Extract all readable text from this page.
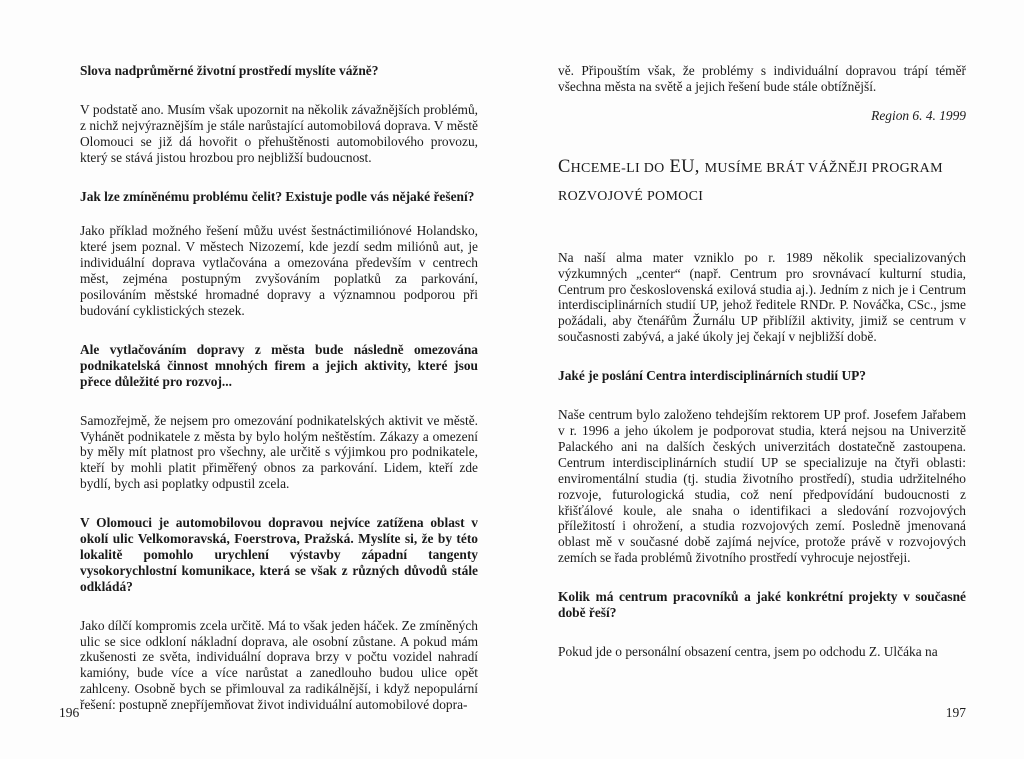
Slova nadprůměrné životní prostředí myslíte vážně?

V podstatě ano. Musím však upozornit na několik závažnějších problémů, z nichž nejvýraznějším je stále narůstající automobilová doprava. V městě Olomouci se již dá hovořit o přehuštěnosti automobilového provozu, který se stává jistou hrozbou pro nejbližší budoucnost.

Jak lze zmíněnému problému čelit? Existuje podle vás nějaké řešení?

Jako příklad možného řešení můžu uvést šestnáctimiliónové Holandsko, které jsem poznal. V městech Nizozemí, kde jezdí sedm miliónů aut, je individuální doprava vytlačována a omezována především v centrech měst, zejména postupným zvyšováním poplatků za parkování, posilováním městské hromadné dopravy a významnou podporou při budování cyklistických stezek.

Ale vytlačováním dopravy z města bude následně omezována podnikatelská činnost mnohých firem a jejich aktivity, které jsou přece důležité pro rozvoj...

Samozřejmě, že nejsem pro omezování podnikatelských aktivit ve městě. Vyhánět podnikatele z města by bylo holým neštěstím. Zákazy a omezení by měly mít platnost pro všechny, ale určitě s výjimkou pro podnikatele, kteří by mohli platit přiměřený obnos za parkování. Lidem, kteří zde bydlí, bych asi poplatky odpustil zcela.

V Olomouci je automobilovou dopravou nejvíce zatížena oblast v okolí ulic Velkomoravská, Foerstrova, Pražská. Myslíte si, že by této lokalitě pomohlo urychlení výstavby západní tangenty vysokorychlostní komunikace, která se však z různých důvodů stále odkládá?

Jako dílčí kompromis zcela určitě. Má to však jeden háček. Ze zmíněných ulic se sice odkloní nákladní doprava, ale osobní zůstane. A pokud mám zkušenosti ze světa, individuální doprava brzy v počtu vozidel nahradí kamióny, bude více a více narůstat a zanedlouho budou ulice opět zahlceny. Osobně bych se přimlouval za radikálnější, i když nepopulární řešení: postupně znepříjemňovat život individuální automobilové dopra-

196

vě. Připouštím však, že problémy s individuální dopravou trápí téměř všechna města na světě a jejich řešení bude stále obtížnější.

Region 6. 4. 1999

CHCEME-LI DO EU, MUSÍME BRÁT VÁŽNĚJI PROGRAM
ROZVOJOVÉ POMOCI

Na naší alma mater vzniklo po r. 1989 několik specializovaných výzkumných „center“ (např. Centrum pro srovnávací kulturní studia, Centrum pro československá exilová studia aj.). Jedním z nich je i Centrum interdisciplinárních studií UP, jehož ředitele RNDr. P. Nováčka, CSc., jsme požádali, aby čtenářům Žurnálu UP přiblížil aktivity, jimiž se centrum v současnosti zabývá, a jaké úkoly jej čekají v nejbližší době.

Jaké je poslání Centra interdisciplinárních studií UP?

Naše centrum bylo založeno tehdejším rektorem UP prof. Josefem Jařabem v r. 1996 a jeho úkolem je podporovat studia, která nejsou na Univerzitě Palackého ani na dalších českých univerzitách dostatečně zastoupena. Centrum interdisciplinárních studií UP se specializuje na čtyři oblasti: enviromentální studia (tj. studia životního prostředí), studia udržitelného rozvoje, futurologická studia, což není předpovídání budoucnosti z křišťálové koule, ale snaha o identifikaci a sledování rozvojových příležitostí i ohrožení, a studia rozvojových zemí. Posledně jmenovaná oblast mě v současné době zajímá nejvíce, protože právě v rozvojových zemích se řada problémů životního prostředí vyhrocuje nejostřeji.

Kolik má centrum pracovníků a jaké konkrétní projekty v současné době řeší?

Pokud jde o personální obsazení centra, jsem po odchodu Z. Ulčáka na

197
